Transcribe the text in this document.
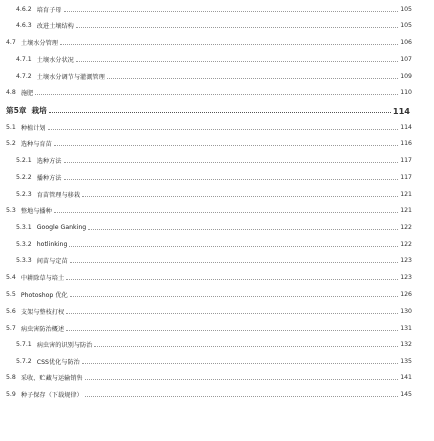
4.6.2 培育子母	105
4.6.3 改进土壤结构	105
4.7 土壤水分管理	106
4.7.1 土壤水分状况	107
4.7.2 土壤水分调节与灌溉管理	109
4.8 施肥	110
第5章 栽培	114
5.1 种植计划	114
5.2 选种与育苗	116
5.2.1 选种方法	117
5.2.2 播种方法	117
5.2.3 育苗管理与移栽	121
5.3 整地与播种	121
5.3.1 Google Ganking	122
5.3.2 hotlinking	122
5.3.3 间苗与定苗	123
5.4 中耕除草与培土	123
5.5 Photoshop 优化	126
5.6 支架与整枝打杈	130
5.7 病虫害防治概述	131
5.7.1 病虫害的识别与防治	132
5.7.2 CSS优化与防治	135
5.8 采收、贮藏与运输销售	141
5.9 种子保存（下载规律）	145
